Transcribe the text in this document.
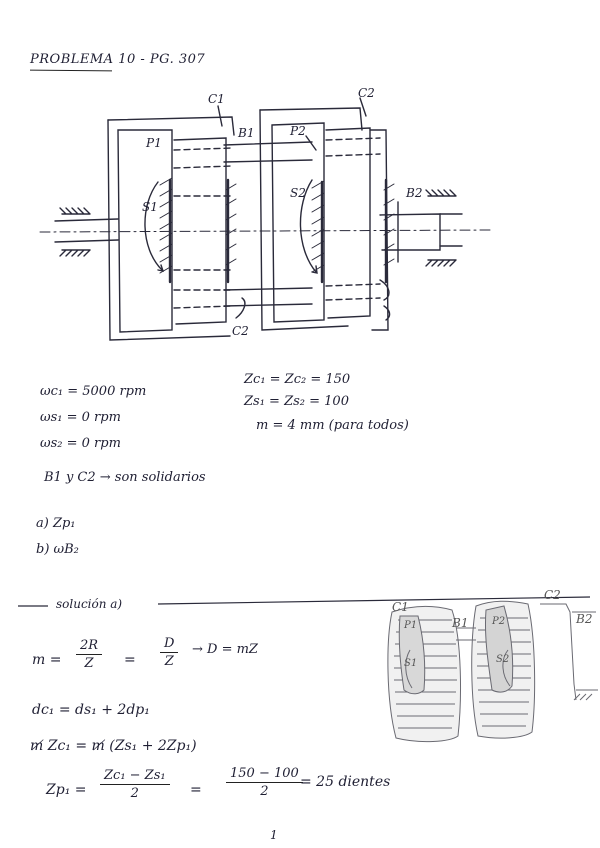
PROBLEMA 10 - PG. 307
C1	C2
B1
P1
P2
S1
S2	B2
C2
ωc₁ = 5000 rpm
ωs₁ = 0 rpm
ωs₂ = 0 rpm
Zc₁ = Zc₂ = 150
Zs₁ = Zs₂ = 100
m = 4 mm (para todos)
B1 y C2 → son solidarios
a) Zp₁
b) ωB₂
solución a)
$m = \frac{2R}{Z} = \frac{D}{Z} \to D$ = mZ
dc₁ = ds₁ + 2dp₁
m̸ Zc₁ = m̸ (Zs₁ + 2Zp₁)
$Zp_1 = \frac{\text{Zc₁ − Zs₁}}{2} = \frac{150 - 100}{2}$
= 25 dientes
C1
B1
C2
B2
P1
S1
P2
S2
1
